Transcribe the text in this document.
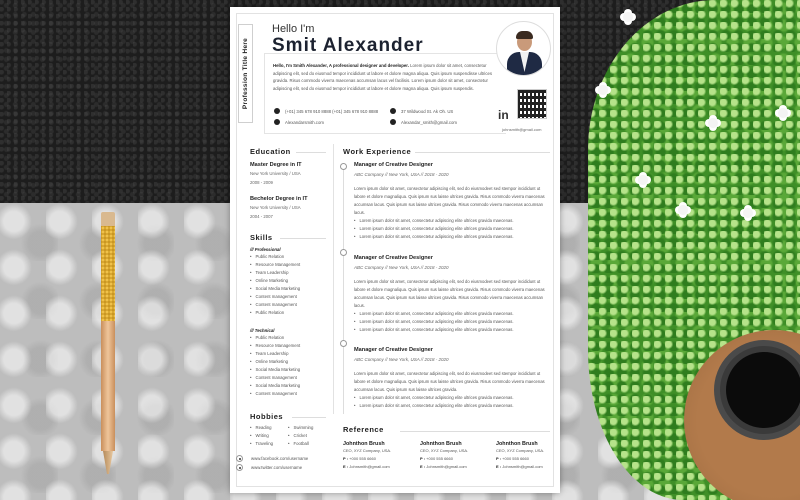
Profession Title Here
Hello I'm
Smit Alexander
Hello, I'm Smith Alexander, A professional designer and developer. Lorem ipsum dolor sit amet, consectetur adipiscing elit, sed do eiusmod tempor incididunt ut labore et dolore magna aliqua. Quis ipsum suspendisse ultrices gravida. Risus commodo viverra maecenas accumsan lacus vel facilisis. Lorem ipsum dolor sit amet, consectetur adipiscing elit, sed do eiusmod tempor incididunt ut labore et dolore magna aliqua. Quis ipsum suspendis.
(+01) 345 678 910 8888 (+01) 345 678 910 8888
Alexandarsmith.com
37 Wildwood St. Ak Oh. US
Alexandar_smith@gmail.com	in
johnsmith@gmail.com
Education
Master Degree in IT
New York University / USA
2008 - 2009
Bechelor Degree in IT
New York University / USA
2004 - 2007
Skills
/// Professional
• Public Relation
• Resource Management
• Team Leadership
• Online Marketing
• Social Media Marketing
• Content management
• Content management
• Public Relation
/// Technical
• Public Relation
• Resource Management
• Team Leadership
• Online Marketing
• Social Media Marketing
• Content management
• Social Media Marketing
• Content management
Hobbies
• Reading
• Writing
• Traveling
• Swimming
• Cricket
• Football
www.facebook.com/username
www.twitter.com/username
Work Experience
Manager of Creative Designer
ABC Company // New York, USA // 2018 - 2020
Lorem ipsum dolor sit amet, consectetur adipiscing elit, sed do eiusmodeet sed stempor incididunt ut labore et dolore magnaliqua. Quis ipsum sus laisse ultrices gravida. Risus commodo viverra maecenas accumsan lacus. Quis ipsum sus laisse ultrices gravida. Risus commodo viverra maecenas accumsan lacus.
• Lorem ipsum dolor sit amet, consectetur adipiscing elite ultrices gravida maecenas.
• Lorem ipsum dolor sit amet, consectetur adipiscing elite ultrices gravida maecenas.
• Lorem ipsum dolor sit amet, consectetur adipiscing elite ultrices gravida maecenas.
Manager of Creative Designer
ABC Company // New York, USA // 2018 - 2020
Lorem ipsum dolor sit amet, consectetur adipiscing elit, sed do eiusmodeet sed stempor incididunt ut labore et dolore magnaliqua. Quis ipsum sus laisse ultrices gravida. Risus commodo viverra maecenas accumsan lacus. Quis ipsum sus laisse ultrices gravida. Risus commodo viverra maecenas accumsan lacus.
• Lorem ipsum dolor sit amet, consectetur adipiscing elite ultrices gravida maecenas.
• Lorem ipsum dolor sit amet, consectetur adipiscing elite ultrices gravida maecenas.
• Lorem ipsum dolor sit amet, consectetur adipiscing elite ultrices gravida maecenas.
Manager of Creative Designer
ABC Company // New York, USA // 2018 - 2020
Lorem ipsum dolor sit amet, consectetur adipiscing elit, sed do eiusmodeet sed stempor incididunt ut labore et dolore magnaliqua. Quis ipsum sus laisse ultrices gravida. Risus commodo viverra maecenas accumsan lacus. Quis ipsum sus laisse ultrices gravida.
• Lorem ipsum dolor sit amet, consectetur adipiscing elite ultrices gravida maecenas.
• Lorem ipsum dolor sit amet, consectetur adipiscing elite ultrices gravida maecenas.
Reference
Johnthon Brush
CEO, XYZ Company, USA.
P : +000 555 6660
E : Johnsmith@gmail.com
Johnthon Brush
CEO, XYZ Company, USA.
P : +000 555 6660
E : Johnsmith@gmail.com
Johnthon Brush
CEO, XYZ Company, USA.
P : +000 555 6660
E : Johnsmith@gmail.com
